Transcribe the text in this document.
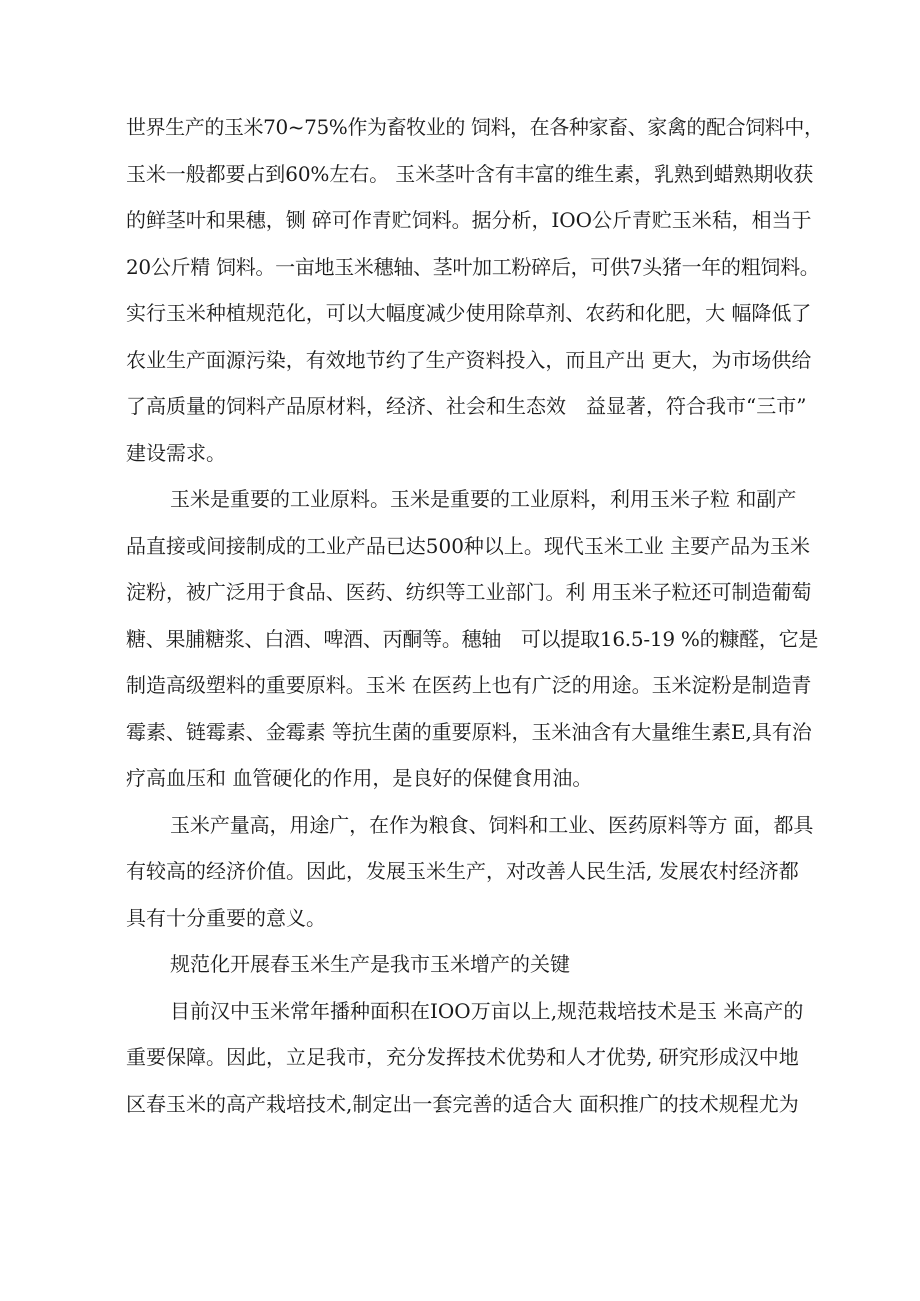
世界生产的玉米70~75%作为畜牧业的 饲料，在各种家畜、家禽的配合饲料中，
玉米一般都要占到60%左右。 玉米茎叶含有丰富的维生素，乳熟到蜡熟期收获
的鲜茎叶和果穗，铡 碎可作青贮饲料。据分析，IOO公斤青贮玉米秸，相当于
20公斤精 饲料。一亩地玉米穗轴、茎叶加工粉碎后，可供7头猪一年的粗饲料。
实行玉米种植规范化，可以大幅度减少使用除草剂、农药和化肥，大 幅降低了
农业生产面源污染，有效地节约了生产资料投入，而且产出 更大，为市场供给
了高质量的饲料产品原材料，经济、社会和生态效　益显著，符合我市“三市”
建设需求。

玉米是重要的工业原料。玉米是重要的工业原料，利用玉米子粒 和副产
品直接或间接制成的工业产品已达500种以上。现代玉米工业 主要产品为玉米
淀粉，被广泛用于食品、医药、纺织等工业部门。利 用玉米子粒还可制造葡萄
糖、果脯糖浆、白酒、啤酒、丙酮等。穗轴　可以提取16.5-19 %的糠醛，它是
制造高级塑料的重要原料。玉米 在医药上也有广泛的用途。玉米淀粉是制造青
霉素、链霉素、金霉素 等抗生菌的重要原料，玉米油含有大量维生素E,具有治
疗高血压和 血管硬化的作用，是良好的保健食用油。

玉米产量高，用途广，在作为粮食、饲料和工业、医药原料等方 面，都具
有较高的经济价值。因此，发展玉米生产，对改善人民生活, 发展农村经济都
具有十分重要的意义。

规范化开展春玉米生产是我市玉米增产的关键

目前汉中玉米常年播种面积在IOO万亩以上,规范栽培技术是玉 米高产的
重要保障。因此，立足我市，充分发挥技术优势和人才优势, 研究形成汉中地
区春玉米的高产栽培技术,制定出一套完善的适合大 面积推广的技术规程尤为
